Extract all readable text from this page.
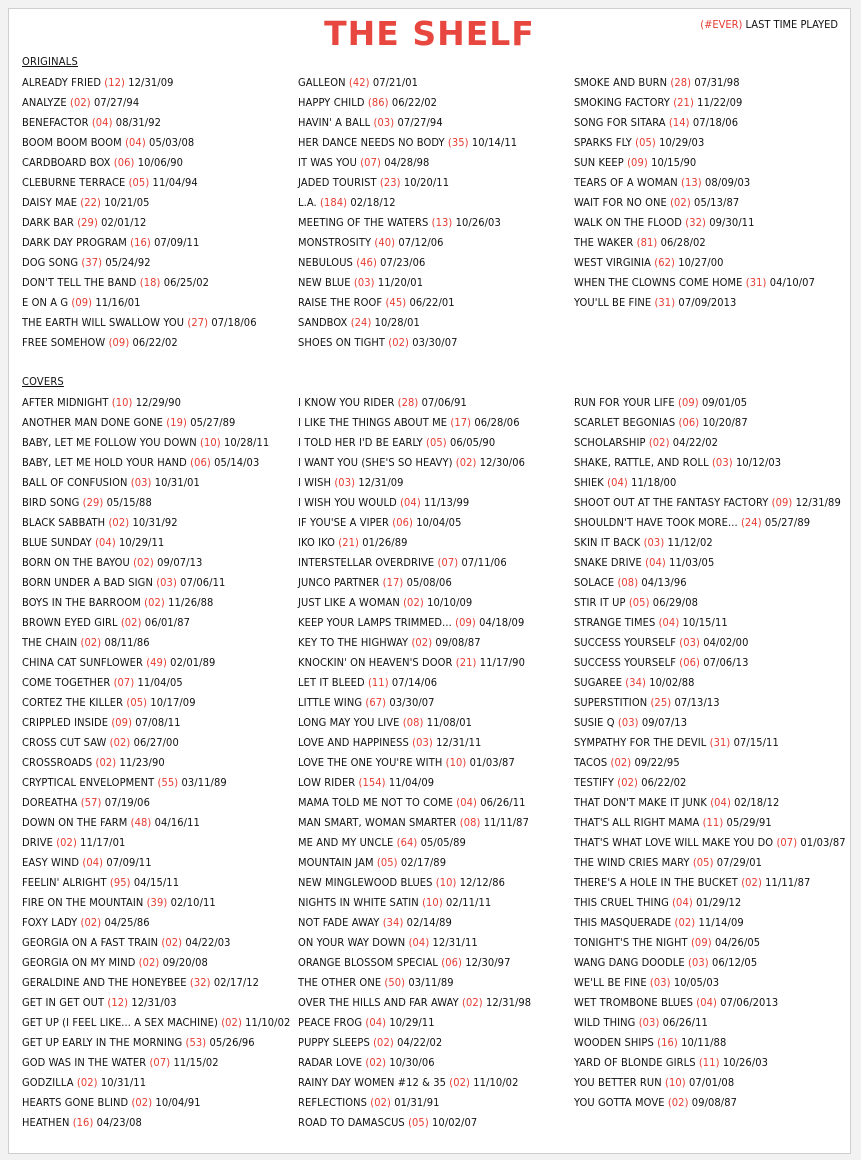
THE SHELF	(#EVER) LAST TIME PLAYED
ORIGINALS
ALREADY FRIED (12) 12/31/09
ANALYZE (02) 07/27/94
BENEFACTOR (04) 08/31/92
BOOM BOOM BOOM (04) 05/03/08
CARDBOARD BOX (06) 10/06/90
CLEBURNE TERRACE (05) 11/04/94
DAISY MAE (22) 10/21/05
DARK BAR (29) 02/01/12
DARK DAY PROGRAM (16) 07/09/11
DOG SONG (37) 05/24/92
DON'T TELL THE BAND (18) 06/25/02
E ON A G (09) 11/16/01
THE EARTH WILL SWALLOW YOU (27) 07/18/06
FREE SOMEHOW (09) 06/22/02
GALLEON (42) 07/21/01
HAPPY CHILD (86) 06/22/02
HAVIN' A BALL (03) 07/27/94
HER DANCE NEEDS NO BODY (35) 10/14/11
IT WAS YOU (07) 04/28/98
JADED TOURIST (23) 10/20/11
L.A. (184) 02/18/12
MEETING OF THE WATERS (13) 10/26/03
MONSTROSITY (40) 07/12/06
NEBULOUS (46) 07/23/06
NEW BLUE (03) 11/20/01
RAISE THE ROOF (45) 06/22/01
SANDBOX (24) 10/28/01
SHOES ON TIGHT (02) 03/30/07
SMOKE AND BURN (28) 07/31/98
SMOKING FACTORY (21) 11/22/09
SONG FOR SITARA (14) 07/18/06
SPARKS FLY (05) 10/29/03
SUN KEEP (09) 10/15/90
TEARS OF A WOMAN (13) 08/09/03
WAIT FOR NO ONE (02) 05/13/87
WALK ON THE FLOOD (32) 09/30/11
THE WAKER (81) 06/28/02
WEST VIRGINIA (62) 10/27/00
WHEN THE CLOWNS COME HOME (31) 04/10/07
YOU'LL BE FINE (31) 07/09/2013
COVERS
AFTER MIDNIGHT (10) 12/29/90
ANOTHER MAN DONE GONE (19) 05/27/89
BABY, LET ME FOLLOW YOU DOWN (10) 10/28/11
BABY, LET ME HOLD YOUR HAND (06) 05/14/03
BALL OF CONFUSION (03) 10/31/01
BIRD SONG (29) 05/15/88
BLACK SABBATH (02) 10/31/92
BLUE SUNDAY (04) 10/29/11
BORN ON THE BAYOU (02) 09/07/13
BORN UNDER A BAD SIGN (03) 07/06/11
BOYS IN THE BARROOM (02) 11/26/88
BROWN EYED GIRL (02) 06/01/87
THE CHAIN (02) 08/11/86
CHINA CAT SUNFLOWER (49) 02/01/89
COME TOGETHER (07) 11/04/05
CORTEZ THE KILLER (05) 10/17/09
CRIPPLED INSIDE (09) 07/08/11
CROSS CUT SAW (02) 06/27/00
CROSSROADS (02) 11/23/90
CRYPTICAL ENVELOPMENT (55) 03/11/89
DOREATHA (57) 07/19/06
DOWN ON THE FARM (48) 04/16/11
DRIVE (02) 11/17/01
EASY WIND (04) 07/09/11
FEELIN' ALRIGHT (95) 04/15/11
FIRE ON THE MOUNTAIN (39) 02/10/11
FOXY LADY (02) 04/25/86
GEORGIA ON A FAST TRAIN (02) 04/22/03
GEORGIA ON MY MIND (02) 09/20/08
GERALDINE AND THE HONEYBEE (32) 02/17/12
GET IN GET OUT (12) 12/31/03
GET UP (I FEEL LIKE... A SEX MACHINE) (02) 11/10/02
GET UP EARLY IN THE MORNING (53) 05/26/96
GOD WAS IN THE WATER (07) 11/15/02
GODZILLA (02) 10/31/11
HEARTS GONE BLIND (02) 10/04/91
HEATHEN (16) 04/23/08
I KNOW YOU RIDER (28) 07/06/91
I LIKE THE THINGS ABOUT ME (17) 06/28/06
I TOLD HER I'D BE EARLY (05) 06/05/90
I WANT YOU (SHE'S SO HEAVY) (02) 12/30/06
I WISH (03) 12/31/09
I WISH YOU WOULD (04) 11/13/99
IF YOU'SE A VIPER (06) 10/04/05
IKO IKO (21) 01/26/89
INTERSTELLAR OVERDRIVE (07) 07/11/06
JUNCO PARTNER (17) 05/08/06
JUST LIKE A WOMAN (02) 10/10/09
KEEP YOUR LAMPS TRIMMED... (09) 04/18/09
KEY TO THE HIGHWAY (02) 09/08/87
KNOCKIN' ON HEAVEN'S DOOR (21) 11/17/90
LET IT BLEED (11) 07/14/06
LITTLE WING (67) 03/30/07
LONG MAY YOU LIVE (08) 11/08/01
LOVE AND HAPPINESS (03) 12/31/11
LOVE THE ONE YOU'RE WITH (10) 01/03/87
LOW RIDER (154) 11/04/09
MAMA TOLD ME NOT TO COME (04) 06/26/11
MAN SMART, WOMAN SMARTER (08) 11/11/87
ME AND MY UNCLE (64) 05/05/89
MOUNTAIN JAM (05) 02/17/89
NEW MINGLEWOOD BLUES (10) 12/12/86
NIGHTS IN WHITE SATIN (10) 02/11/11
NOT FADE AWAY (34) 02/14/89
ON YOUR WAY DOWN (04) 12/31/11
ORANGE BLOSSOM SPECIAL (06) 12/30/97
THE OTHER ONE (50) 03/11/89
OVER THE HILLS AND FAR AWAY (02) 12/31/98
PEACE FROG (04) 10/29/11
PUPPY SLEEPS (02) 04/22/02
RADAR LOVE (02) 10/30/06
RAINY DAY WOMEN #12 & 35 (02) 11/10/02
REFLECTIONS (02) 01/31/91
ROAD TO DAMASCUS (05) 10/02/07
RUN FOR YOUR LIFE (09) 09/01/05
SCARLET BEGONIAS (06) 10/20/87
SCHOLARSHIP (02) 04/22/02
SHAKE, RATTLE, AND ROLL (03) 10/12/03
SHIEK (04) 11/18/00
SHOOT OUT AT THE FANTASY FACTORY (09) 12/31/89
SHOULDN'T HAVE TOOK MORE... (24) 05/27/89
SKIN IT BACK (03) 11/12/02
SNAKE DRIVE (04) 11/03/05
SOLACE (08) 04/13/96
STIR IT UP (05) 06/29/08
STRANGE TIMES (04) 10/15/11
SUCCESS YOURSELF (03) 04/02/00
SUCCESS YOURSELF (06) 07/06/13
SUGAREE (34) 10/02/88
SUPERSTITION (25) 07/13/13
SUSIE Q (03) 09/07/13
SYMPATHY FOR THE DEVIL (31) 07/15/11
TACOS (02) 09/22/95
TESTIFY (02) 06/22/02
THAT DON'T MAKE IT JUNK (04) 02/18/12
THAT'S ALL RIGHT MAMA (11) 05/29/91
THAT'S WHAT LOVE WILL MAKE YOU DO (07) 01/03/87
THE WIND CRIES MARY (05) 07/29/01
THERE'S A HOLE IN THE BUCKET (02) 11/11/87
THIS CRUEL THING (04) 01/29/12
THIS MASQUERADE (02) 11/14/09
TONIGHT'S THE NIGHT (09) 04/26/05
WANG DANG DOODLE (03) 06/12/05
WE'LL BE FINE (03) 10/05/03
WET TROMBONE BLUES (04) 07/06/2013
WILD THING (03) 06/26/11
WOODEN SHIPS (16) 10/11/88
YARD OF BLONDE GIRLS (11) 10/26/03
YOU BETTER RUN (10) 07/01/08
YOU GOTTA MOVE (02) 09/08/87
